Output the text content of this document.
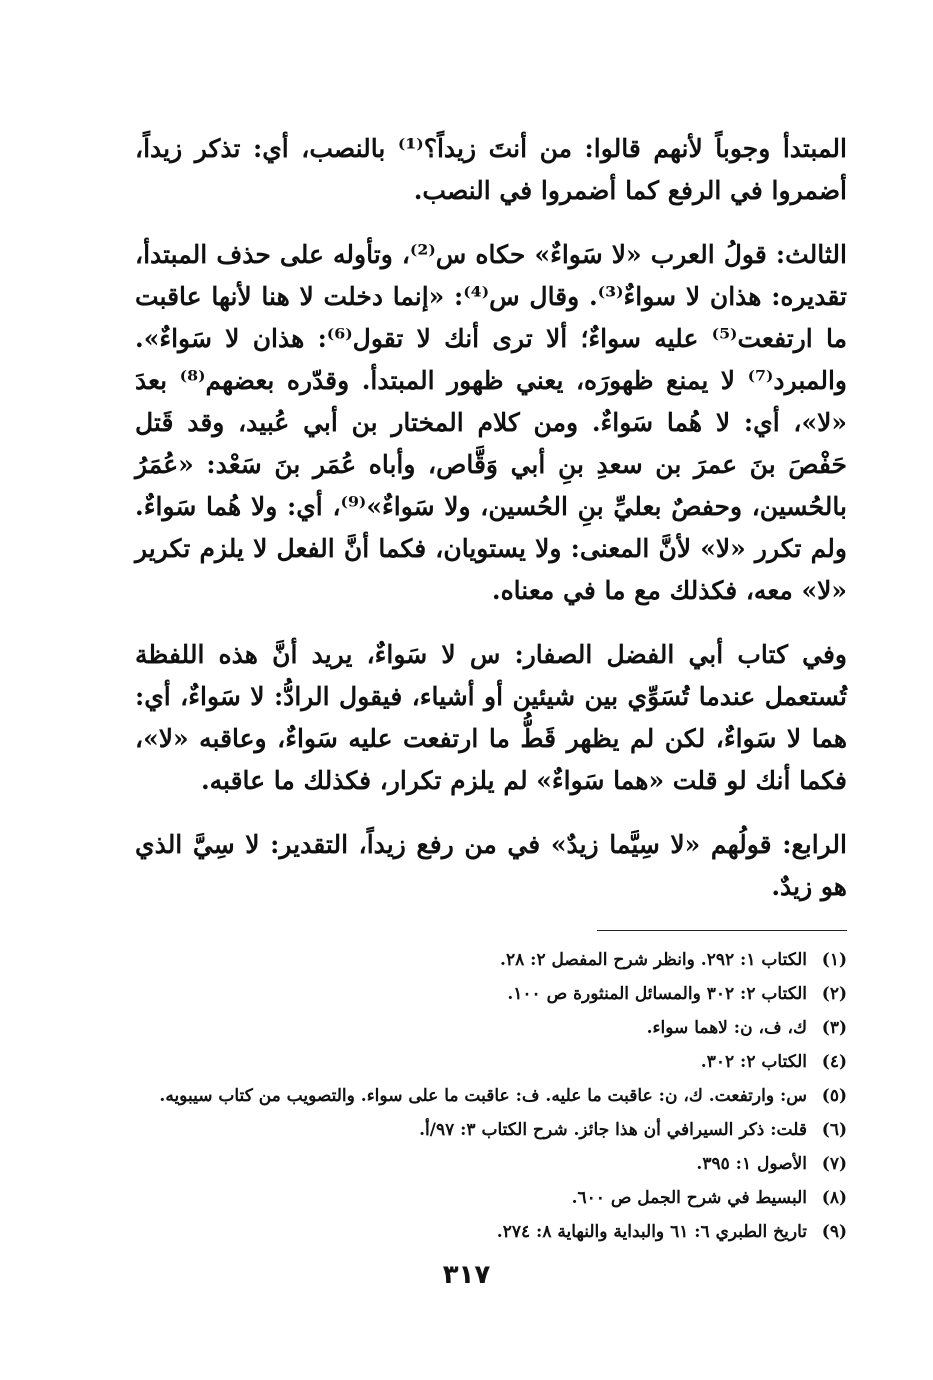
المبتدأ وجوباً لأنهم قالوا: من أنتَ زيداً؟⁽¹⁾ بالنصب، أي: تذكر زيداً، أضمروا في الرفع كما أضمروا في النصب.

الثالث: قولُ العرب «لا سَواءٌ» حكاه س⁽²⁾، وتأوله على حذف المبتدأ، تقديره: هذان لا سواءٌ⁽³⁾. وقال س⁽⁴⁾: «إنما دخلت لا هنا لأنها عاقبت ما ارتفعت⁽⁵⁾ عليه سواءٌ؛ ألا ترى أنك لا تقول⁽⁶⁾: هذان لا سَواءٌ». والمبرد⁽⁷⁾ لا يمنع ظهورَه، يعني ظهور المبتدأ. وقدّره بعضهم⁽⁸⁾ بعدَ «لا»، أي: لا هُما سَواءٌ. ومن كلام المختار بن أبي عُبيد، وقد قَتل حَفْصَ بنَ عمرَ بن سعدِ بنِ أبي وَقَّاص، وأباه عُمَر بنَ سَعْد: «عُمَرُ بالحُسين، وحفصٌ بعليِّ بنِ الحُسين، ولا سَواءٌ»⁽⁹⁾، أي: ولا هُما سَواءٌ. ولم تكرر «لا» لأنَّ المعنى: ولا يستويان، فكما أنَّ الفعل لا يلزم تكرير «لا» معه، فكذلك مع ما في معناه.

وفي كتاب أبي الفضل الصفار: س لا سَواءٌ، يريد أنَّ هذه اللفظة تُستعمل عندما تُسَوِّي بين شيئين أو أشياء، فيقول الرادُّ: لا سَواءٌ، أي: هما لا سَواءٌ، لكن لم يظهر قَطُّ ما ارتفعت عليه سَواءٌ، وعاقبه «لا»، فكما أنك لو قلت «هما سَواءٌ» لم يلزم تكرار، فكذلك ما عاقبه.

الرابع: قولُهم «لا سِيَّما زيدٌ» في من رفع زيداً، التقدير: لا سِيَّ الذي هو زيدٌ.

(١)
الكتاب ١: ٢٩٢. وانظر شرح المفصل ٢: ٢٨.
(٢)
الكتاب ٢: ٣٠٢ والمسائل المنثورة ص ١٠٠.
(٣)
ك، ف، ن: لاهما سواء.
(٤)
الكتاب ٢: ٣٠٢.
(٥)
س: وارتفعت. ك، ن: عاقبت ما عليه. ف: عاقبت ما على سواء. والتصويب من كتاب سيبويه.
(٦)
قلت: ذكر السيرافي أن هذا جائز. شرح الكتاب ٣: ٩٧/أ.
(٧)
الأصول ١: ٣٩٥.
(٨)
البسيط في شرح الجمل ص ٦٠٠.
(٩)
تاريخ الطبري ٦: ٦١ والبداية والنهاية ٨: ٢٧٤.
٣١٧
